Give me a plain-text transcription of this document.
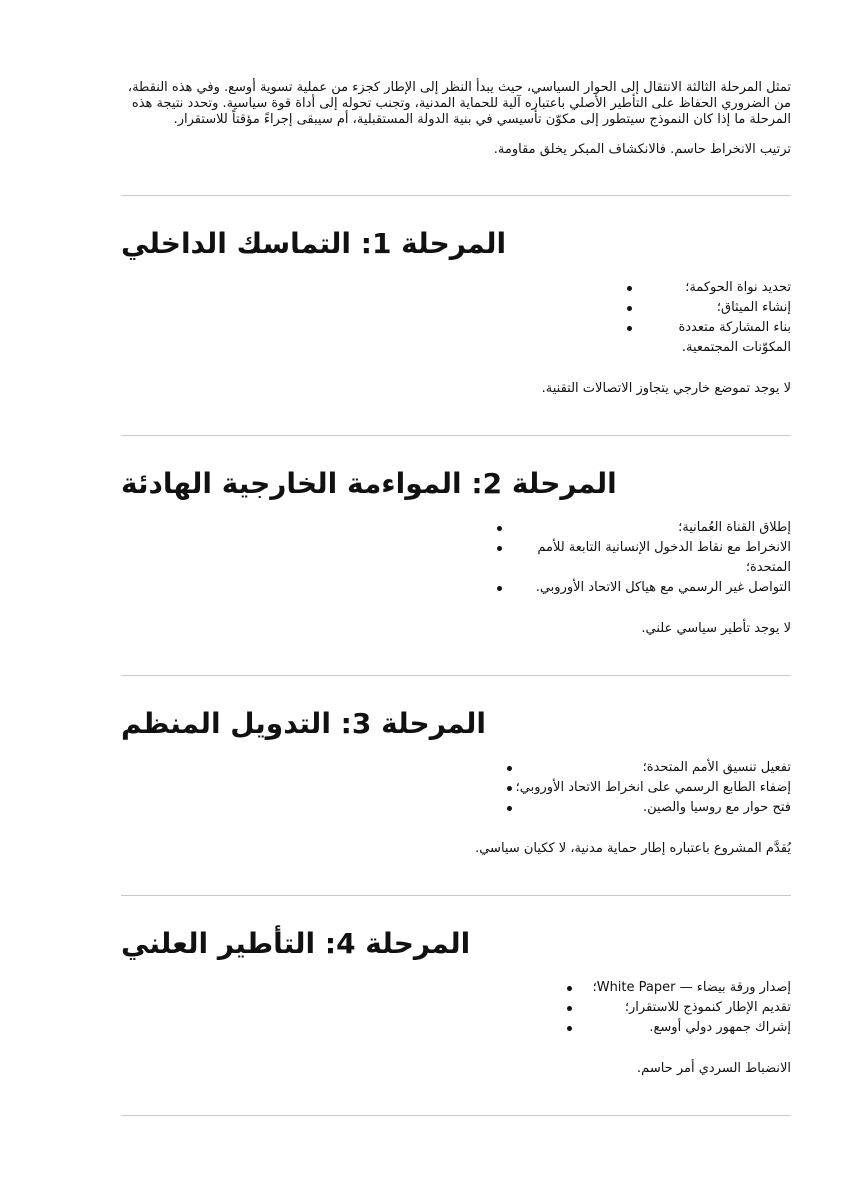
تمثل المرحلة الثالثة الانتقال إلى الحوار السياسي، حيث يبدأ النظر إلى الإطار كجزء من عملية تسوية أوسع. وفي هذه النقطة، من الضروري الحفاظ على التأطير الأصلي باعتباره آلية للحماية المدنية، وتجنب تحوله إلى أداة قوة سياسية. وتحدد نتيجة هذه المرحلة ما إذا كان النموذج سيتطور إلى مكوّن تأسيسي في بنية الدولة المستقبلية، أم سيبقى إجراءً مؤقتاً للاستقرار.

ترتيب الانخراط حاسم. فالانكشاف المبكر يخلق مقاومة.

المرحلة 1: التماسك الداخلي
تحديد نواة الحوكمة؛
إنشاء الميثاق؛
بناء المشاركة متعددة المكوّنات المجتمعية.

لا يوجد تموضع خارجي يتجاوز الاتصالات التقنية.

المرحلة 2: المواءمة الخارجية الهادئة
إطلاق القناة العُمانية؛
الانخراط مع نقاط الدخول الإنسانية التابعة للأمم المتحدة؛
التواصل غير الرسمي مع هياكل الاتحاد الأوروبي.

لا يوجد تأطير سياسي علني.

المرحلة 3: التدويل المنظم
تفعيل تنسيق الأمم المتحدة؛
إضفاء الطابع الرسمي على انخراط الاتحاد الأوروبي؛
فتح حوار مع روسيا والصين.

يُقدَّم المشروع باعتباره إطار حماية مدنية، لا ككيان سياسي.

المرحلة 4: التأطير العلني
إصدار ورقة بيضاء — White Paper؛
تقديم الإطار كنموذج للاستقرار؛
إشراك جمهور دولي أوسع.

الانضباط السردي أمر حاسم.
